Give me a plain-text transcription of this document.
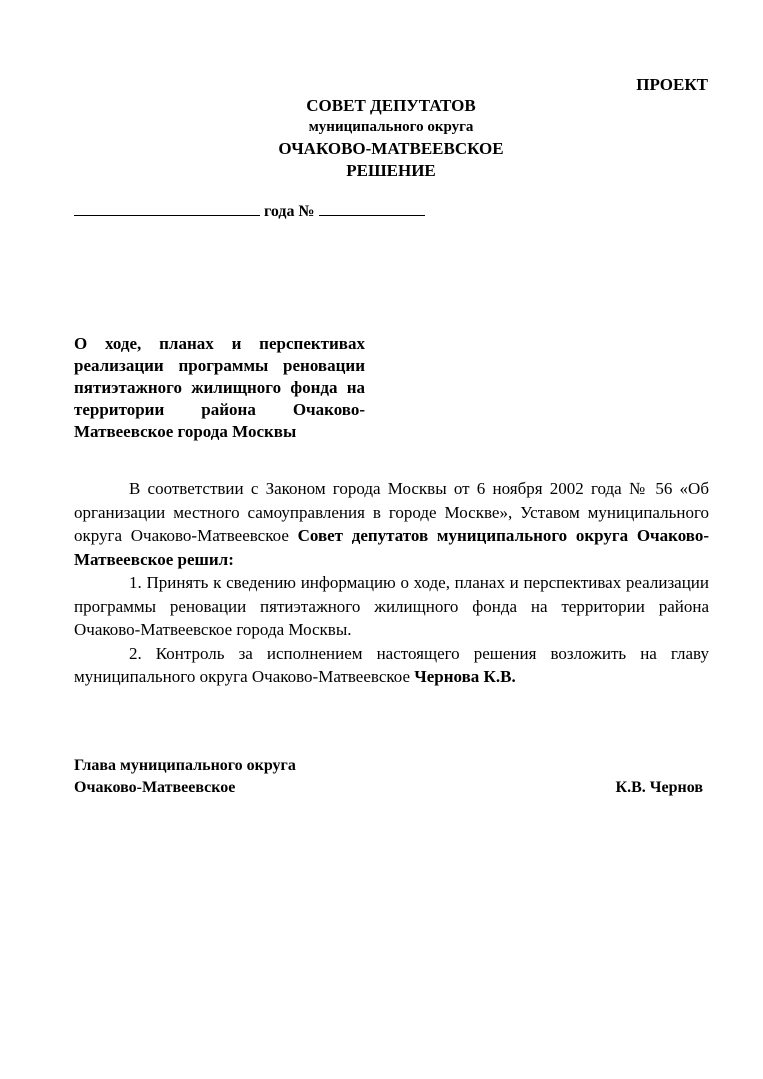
ПРОЕКТ
СОВЕТ ДЕПУТАТОВ
муниципального округа
ОЧАКОВО-МАТВЕЕВСКОЕ
РЕШЕНИЕ
года №
О ходе, планах и перспективах реализации программы реновации пятиэтажного жилищного фонда на территории района Очаково-Матвеевское города Москвы

В соответствии с Законом города Москвы от 6 ноября 2002 года № 56 «Об организации местного самоуправления в городе Москве», Уставом муниципального округа Очаково-Матвеевское Совет депутатов муниципального округа Очаково-Матвеевское решил:

1. Принять к сведению информацию о ходе, планах и перспективах реализации программы реновации пятиэтажного жилищного фонда на территории района Очаково-Матвеевское города Москвы.

2. Контроль за исполнением настоящего решения возложить на главу муниципального округа Очаково-Матвеевское Чернова К.В.

Глава муниципального округа
Очаково-Матвеевское	К.В. Чернов
